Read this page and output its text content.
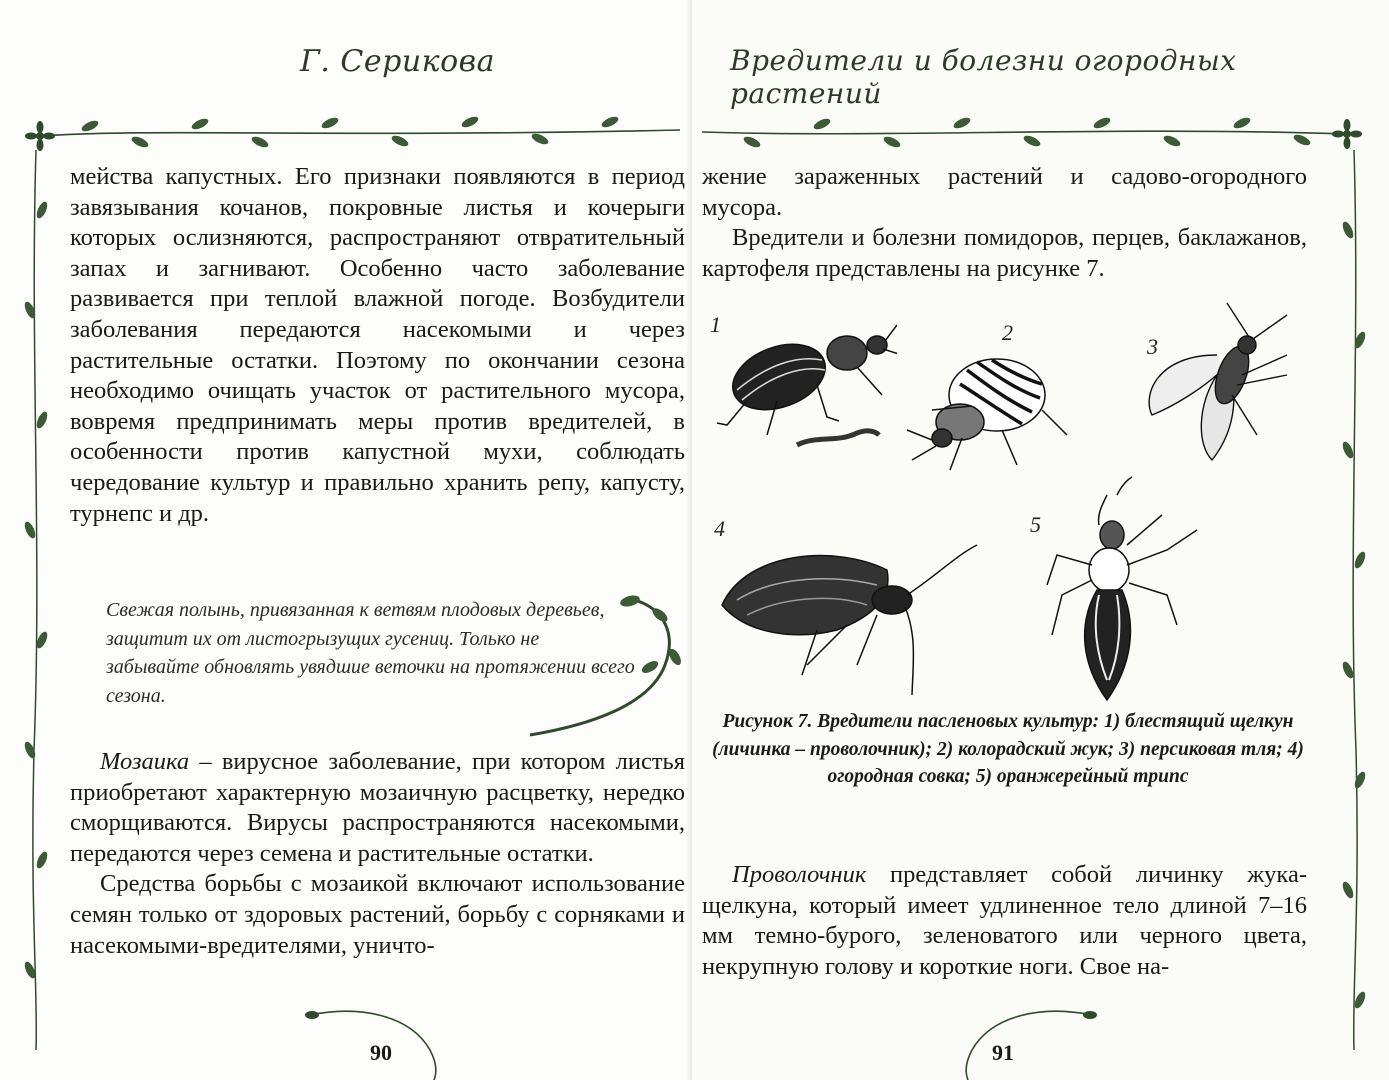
Г. Серикова

мейства капустных. Его признаки появляются в период завязывания кочанов, покровные листья и кочерыги которых ослизняются, распространяют отвратительный запах и загнивают. Особенно часто заболевание развивается при теплой влажной погоде. Возбудители заболевания передаются насекомыми и через растительные остатки. Поэтому по окончании сезона необходимо очищать участок от растительного мусора, вовремя предпринимать меры против вредителей, в особенности против капустной мухи, соблюдать чередование культур и правильно хранить репу, капусту, турнепс и др.

Свежая полынь, привязанная к ветвям плодовых деревьев, защитит их от листогрызущих гусениц. Только не забывайте обновлять увядшие веточки на протяжении всего сезона.

Мозаика – вирусное заболевание, при котором листья приобретают характерную мозаичную расцветку, нередко сморщиваются. Вирусы распространяются насекомыми, передаются через семена и растительные остатки.

Средства борьбы с мозаикой включают использование семян только от здоровых растений, борьбу с сорняками и насекомыми-вредителями, уничто-

90
Вредители и болезни огородных растений

жение зараженных растений и садово-огородного мусора.

Вредители и болезни помидоров, перцев, баклажанов, картофеля представлены на рисунке 7.

1	2
3
4	5
Рисунок 7. Вредители пасленовых культур: 1) блестящий щелкун (личинка – проволочник); 2) колорадский жук; 3) персиковая тля; 4) огородная совка; 5) оранжерейный трипс

Проволочник представляет собой личинку жука-щелкуна, который имеет удлиненное тело длиной 7–16 мм темно-бурого, зеленоватого или черного цвета, некрупную голову и короткие ноги. Свое на-

91
